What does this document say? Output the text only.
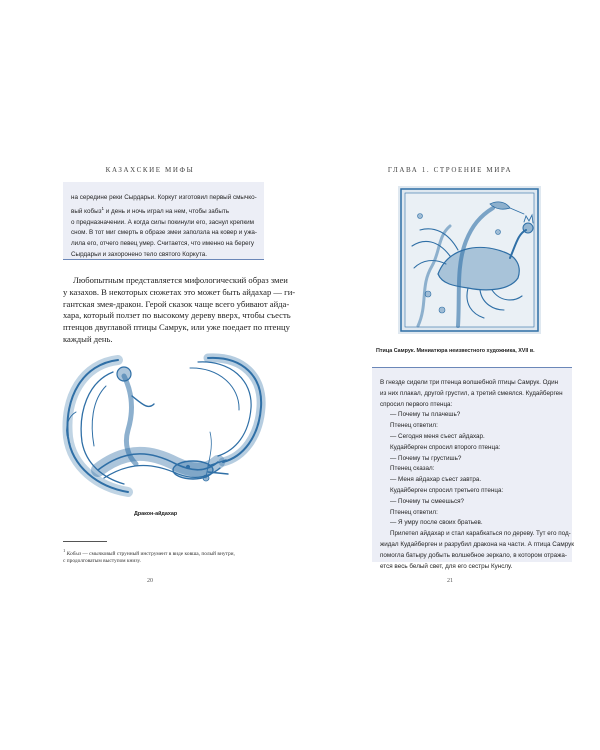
КАЗАХСКИЕ МИФЫ
на середине реки Сырдарьи. Коркут изготовил первый смычко-
вый кобыз$^1$ и день и ночь играл на нем, чтобы забыть
о предназначении. А когда силы покинули его, заснул крепким
сном. В тот миг смерть в образе змеи заползла на ковер и ужа-
лила его, отчего певец умер. Считается, что именно на берегу
Сырдарьи и захоронено тело святого Коркута.
Любопытным представляется мифологический образ змеи
у казахов. В некоторых сюжетах это может быть айдахар — ги-
гантская змея-дракон. Герой сказок чаще всего убивают айда-
хара, который ползет по высокому дереву вверх, чтобы съесть
птенцов двуглавой птицы Самрук, или уже поедает по птенцу
каждый день.
Дракон-айдахар
$^1$ Кобыз — смычковый струнный инструмент в виде ковша, полый внутри,
с продолговатым выступом книзу.
20
ГЛАВА 1. СТРОЕНИЕ МИРА
Птица Самрук. Миниатюра неизвестного художника, XVII в.
В гнезде сидели три птенца волшебной птицы Самрук. Один
из них плакал, другой грустил, а третий смеялся. Кудайберген
спросил первого птенца:
— Почему ты плачешь?
Птенец ответил:
— Сегодня меня съест айдахар.
Кудайберген спросил второго птенца:
— Почему ты грустишь?
Птенец сказал:
— Меня айдахар съест завтра.
Кудайберген спросил третьего птенца:
— Почему ты смеешься?
Птенец ответил:
— Я умру после своих братьев.
Прилетел айдахар и стал карабкаться по дереву. Тут его под-
жидал Кудайберген и разрубил дракона на части. А птица Самрук
помогла батыру добыть волшебное зеркало, в котором отража-
ется весь белый свет, для его сестры Кунслу.
21
